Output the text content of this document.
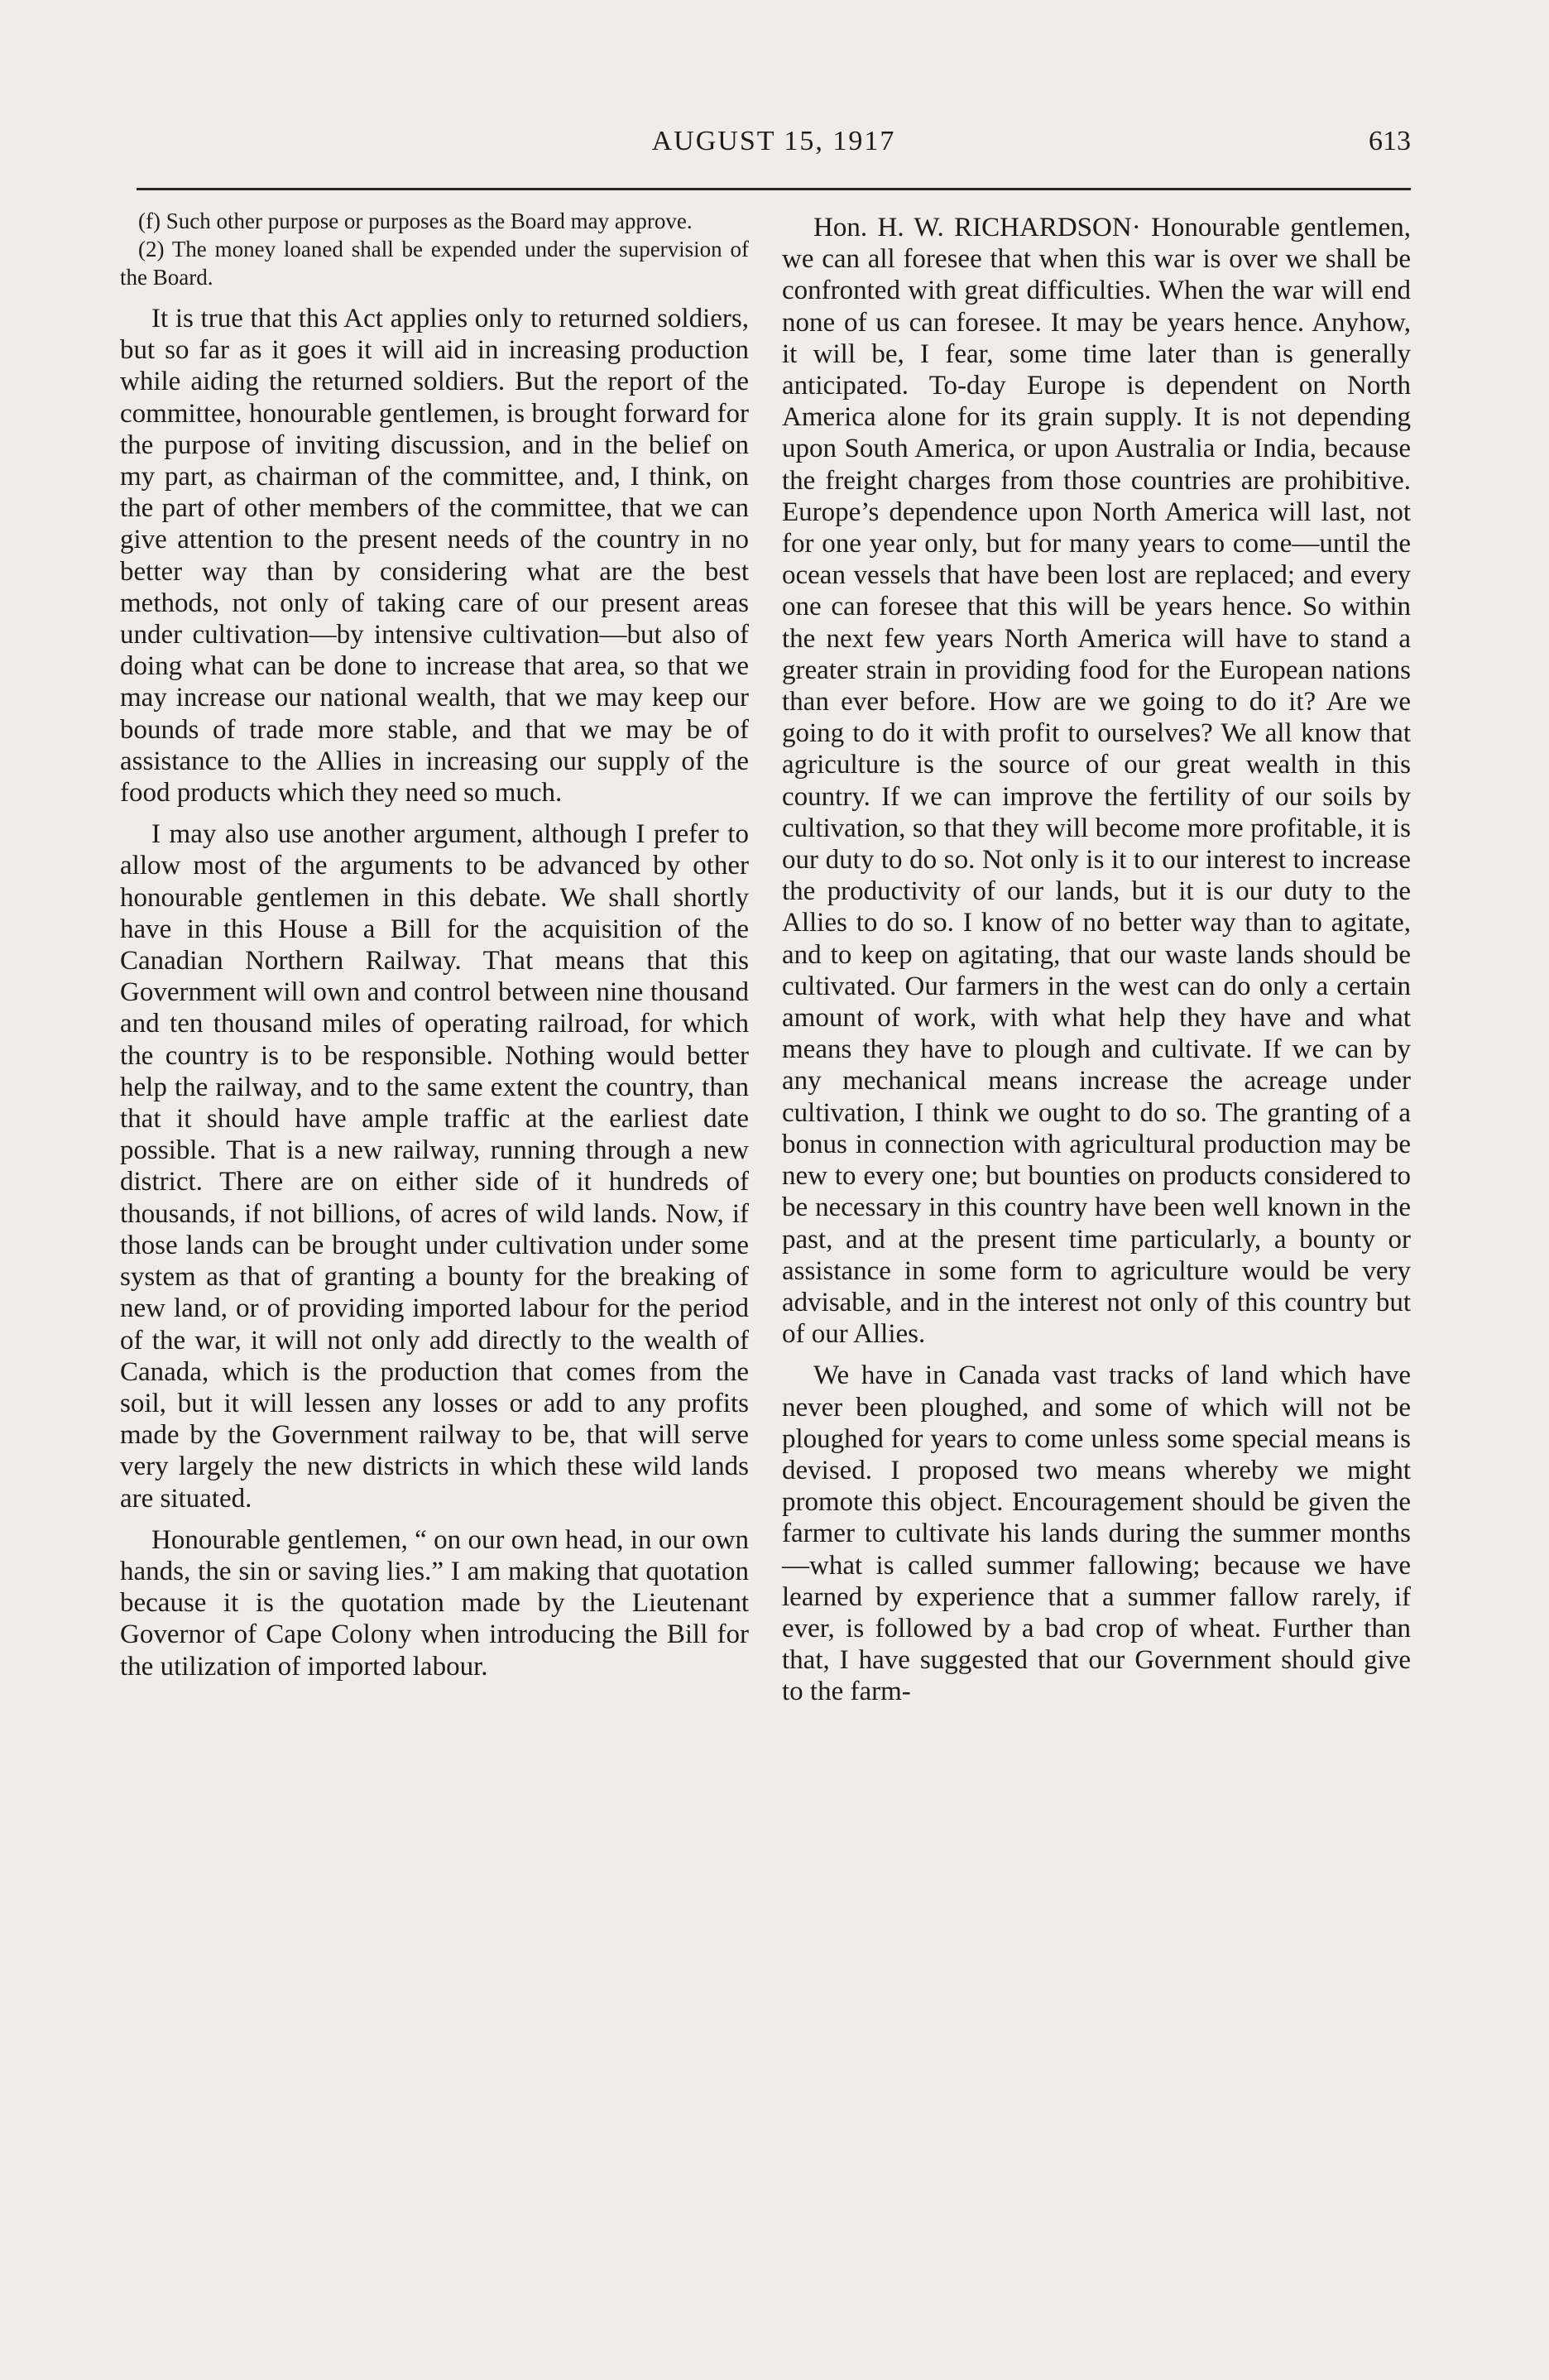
AUGUST 15, 1917	613

(f) Such other purpose or purposes as the Board may approve.

(2) The money loaned shall be expended under the supervision of the Board.

It is true that this Act applies only to returned soldiers, but so far as it goes it will aid in increasing production while aiding the returned soldiers. But the report of the committee, honourable gentlemen, is brought forward for the purpose of inviting discussion, and in the belief on my part, as chairman of the committee, and, I think, on the part of other members of the committee, that we can give attention to the present needs of the country in no better way than by considering what are the best methods, not only of taking care of our present areas under cultivation—by intensive cultivation—but also of doing what can be done to increase that area, so that we may increase our national wealth, that we may keep our bounds of trade more stable, and that we may be of assistance to the Allies in increasing our supply of the food products which they need so much.

I may also use another argument, although I prefer to allow most of the arguments to be advanced by other honourable gentlemen in this debate. We shall shortly have in this House a Bill for the acquisition of the Canadian Northern Railway. That means that this Government will own and control between nine thousand and ten thousand miles of operating railroad, for which the country is to be responsible. Nothing would better help the railway, and to the same extent the country, than that it should have ample traffic at the earliest date possible. That is a new railway, running through a new district. There are on either side of it hundreds of thousands, if not billions, of acres of wild lands. Now, if those lands can be brought under cultivation under some system as that of granting a bounty for the breaking of new land, or of providing imported labour for the period of the war, it will not only add directly to the wealth of Canada, which is the production that comes from the soil, but it will lessen any losses or add to any profits made by the Government railway to be, that will serve very largely the new districts in which these wild lands are situated.

Honourable gentlemen, “ on our own head, in our own hands, the sin or saving lies.” I am making that quotation because it is the quotation made by the Lieutenant Governor of Cape Colony when introducing the Bill for the utilization of imported labour.

Hon. H. W. RICHARDSON· Honourable gentlemen, we can all foresee that when this war is over we shall be confronted with great difficulties. When the war will end none of us can foresee. It may be years hence. Anyhow, it will be, I fear, some time later than is generally anticipated. To-day Europe is dependent on North America alone for its grain supply. It is not depending upon South America, or upon Australia or India, because the freight charges from those countries are prohibitive. Europe’s dependence upon North America will last, not for one year only, but for many years to come—until the ocean vessels that have been lost are replaced; and every one can foresee that this will be years hence. So within the next few years North America will have to stand a greater strain in providing food for the European nations than ever before. How are we going to do it? Are we going to do it with profit to ourselves? We all know that agriculture is the source of our great wealth in this country. If we can improve the fertility of our soils by cultivation, so that they will become more profitable, it is our duty to do so. Not only is it to our interest to increase the productivity of our lands, but it is our duty to the Allies to do so. I know of no better way than to agitate, and to keep on agitating, that our waste lands should be cultivated. Our farmers in the west can do only a certain amount of work, with what help they have and what means they have to plough and cultivate. If we can by any mechanical means increase the acreage under cultivation, I think we ought to do so. The granting of a bonus in connection with agricultural production may be new to every one; but bounties on products considered to be necessary in this country have been well known in the past, and at the present time particularly, a bounty or assistance in some form to agriculture would be very advisable, and in the interest not only of this country but of our Allies.

We have in Canada vast tracks of land which have never been ploughed, and some of which will not be ploughed for years to come unless some special means is devised. I proposed two means whereby we might promote this object. Encouragement should be given the farmer to cultivate his lands during the summer months—what is called summer fallowing; because we have learned by experience that a summer fallow rarely, if ever, is followed by a bad crop of wheat. Further than that, I have suggested that our Government should give to the farm-
